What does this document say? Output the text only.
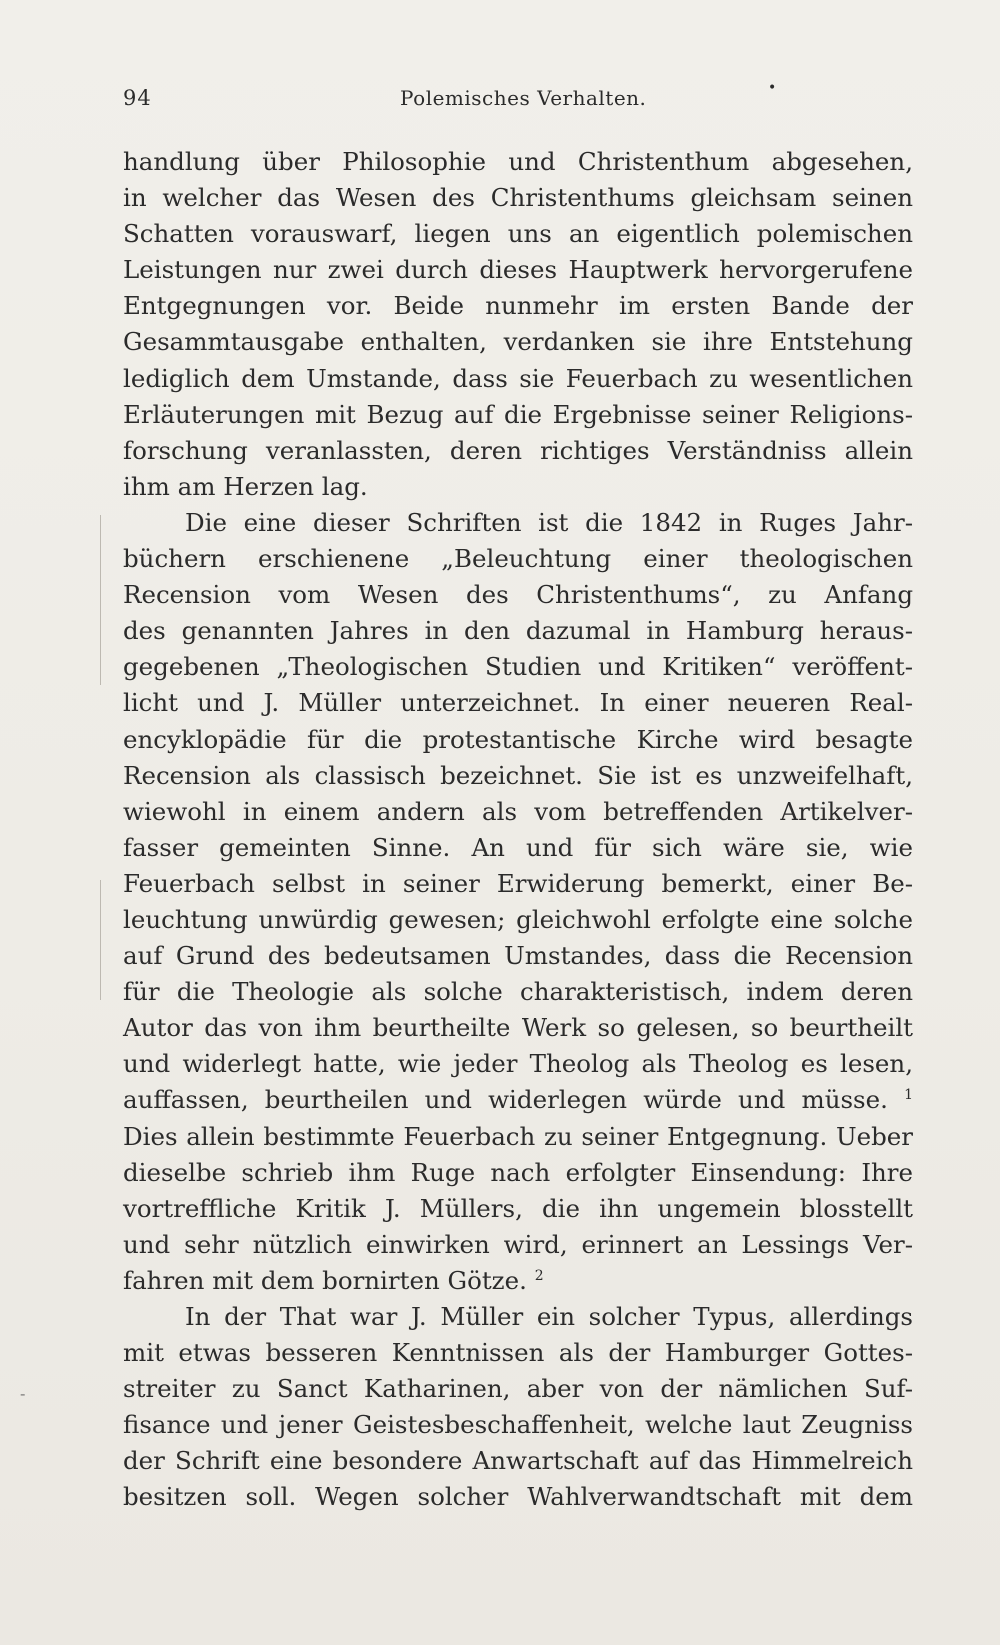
94	Polemisches Verhalten.	•
-
handlung über Philosophie und Christenthum abgesehen,
in welcher das Wesen des Christenthums gleichsam seinen
Schatten vorauswarf, liegen uns an eigentlich polemischen
Leistungen nur zwei durch dieses Hauptwerk hervorgerufene
Entgegnungen vor. Beide nunmehr im ersten Bande der
Gesammtausgabe enthalten, verdanken sie ihre Entstehung
lediglich dem Umstande, dass sie Feuerbach zu wesentlichen
Erläuterungen mit Bezug auf die Ergebnisse seiner Religions-
forschung veranlassten, deren richtiges Verständniss allein
ihm am Herzen lag.
Die eine dieser Schriften ist die 1842 in Ruges Jahr-
büchern erschienene „Beleuchtung einer theologischen
Recension vom Wesen des Christenthums“, zu Anfang
des genannten Jahres in den dazumal in Hamburg heraus-
gegebenen „Theologischen Studien und Kritiken“ veröffent-
licht und J. Müller unterzeichnet. In einer neueren Real-
encyklopädie für die protestantische Kirche wird besagte
Recension als classisch bezeichnet. Sie ist es unzweifelhaft,
wiewohl in einem andern als vom betreffenden Artikelver-
fasser gemeinten Sinne. An und für sich wäre sie, wie
Feuerbach selbst in seiner Erwiderung bemerkt, einer Be-
leuchtung unwürdig gewesen; gleichwohl erfolgte eine solche
auf Grund des bedeutsamen Umstandes, dass die Recension
für die Theologie als solche charakteristisch, indem deren
Autor das von ihm beurtheilte Werk so gelesen, so beurtheilt
und widerlegt hatte, wie jeder Theolog als Theolog es lesen,
auffassen, beurtheilen und widerlegen würde und müsse. $^1$
Dies allein bestimmte Feuerbach zu seiner Entgegnung. Ueber
dieselbe schrieb ihm Ruge nach erfolgter Einsendung: Ihre
vortreffliche Kritik J. Müllers, die ihn ungemein blosstellt
und sehr nützlich einwirken wird, erinnert an Lessings Ver-
fahren mit dem bornirten Götze. $^2$
In der That war J. Müller ein solcher Typus, allerdings
mit etwas besseren Kenntnissen als der Hamburger Gottes-
streiter zu Sanct Katharinen, aber von der nämlichen Suf-
fisance und jener Geistesbeschaffenheit, welche laut Zeugniss
der Schrift eine besondere Anwartschaft auf das Himmelreich
besitzen soll. Wegen solcher Wahlverwandtschaft mit dem
